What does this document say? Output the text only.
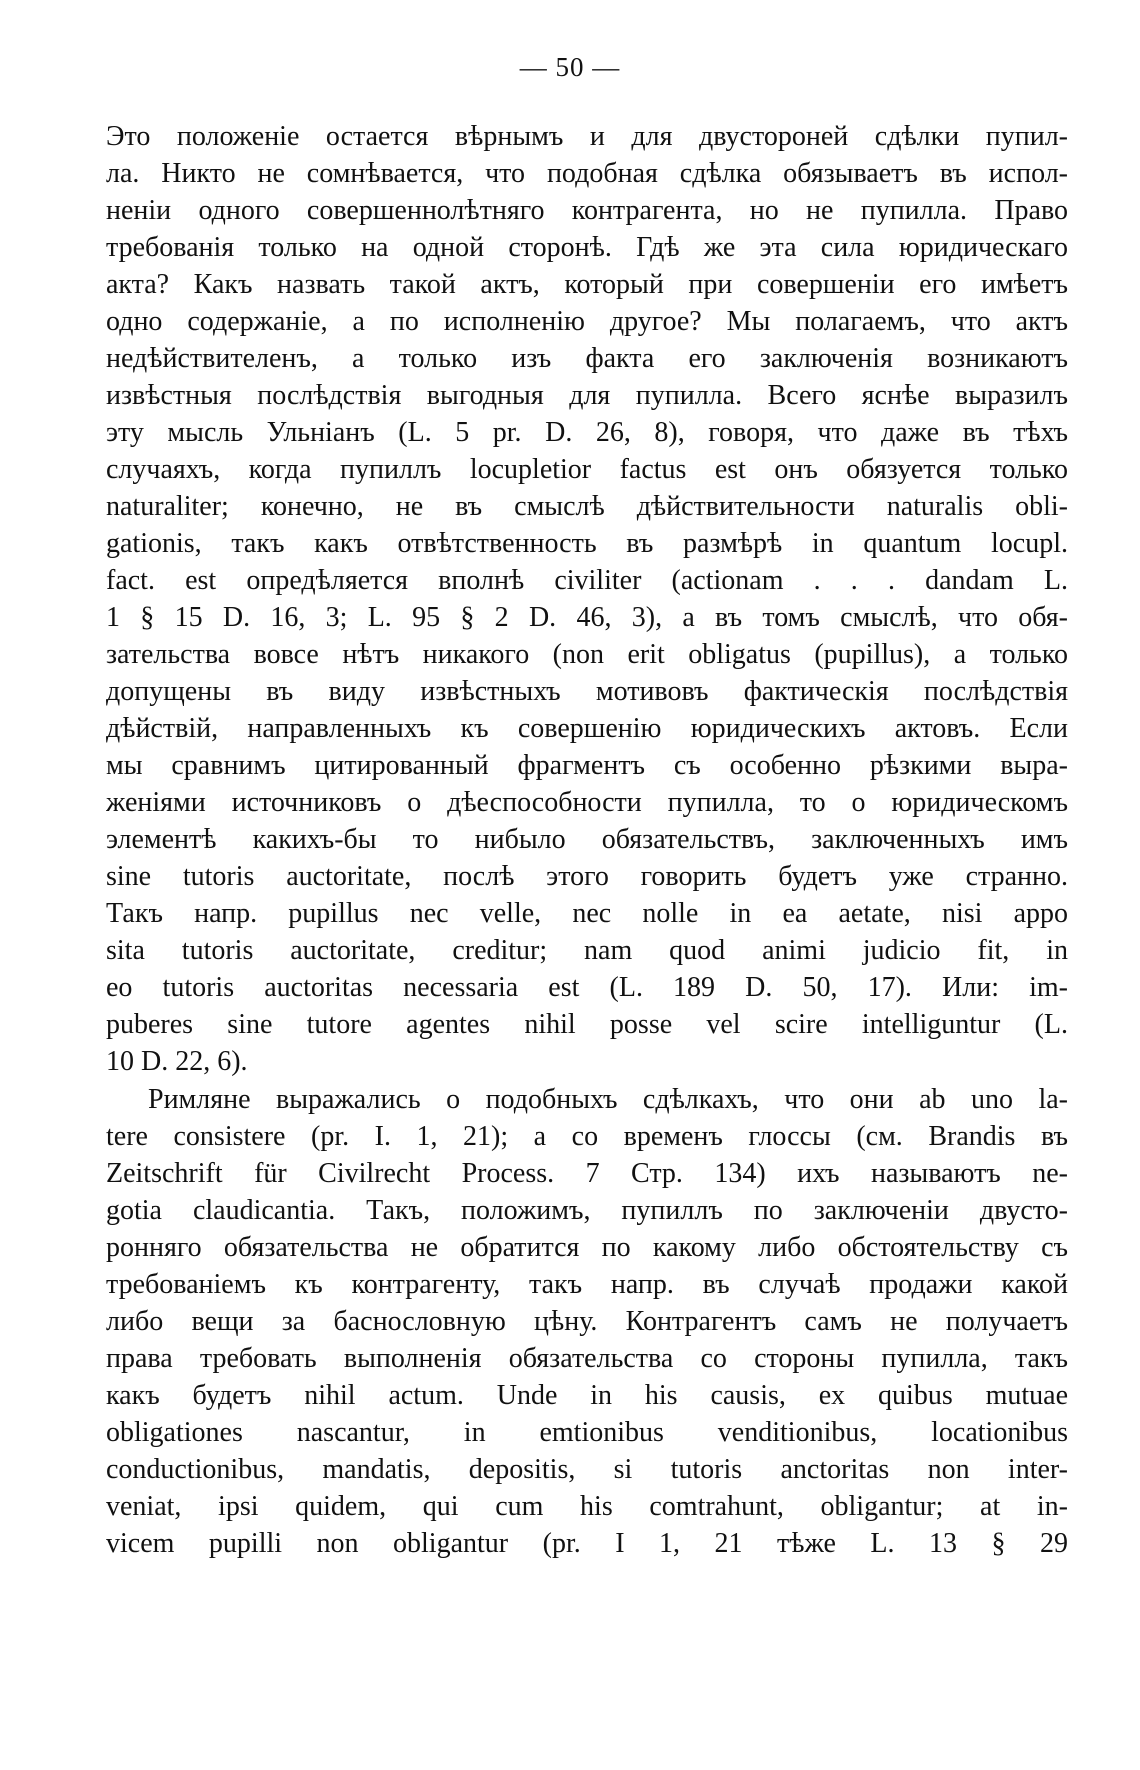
— 50 —
Это положеніе остается вѣрнымъ и для двустороней сдѣлки пупил-
ла. Никто не сомнѣвается, что подобная сдѣлка обязываетъ въ испол-
неніи одного совершеннолѣтняго контрагента, но не пупилла. Право
требованія только на одной сторонѣ. Гдѣ же эта сила юридическаго
акта? Какъ назвать такой актъ, который при совершеніи его имѣетъ
одно содержаніе, а по исполненію другое? Мы полагаемъ, что актъ
недѣйствителенъ, а только изъ факта его заключенія возникаютъ
извѣстныя послѣдствія выгодныя для пупилла. Всего яснѣе выразилъ
эту мысль Ульніанъ (L. 5 pr. D. 26, 8), говоря, что даже въ тѣхъ
случаяхъ, когда пупиллъ locupletior factus est онъ обязуется только
naturaliter; конечно, не въ смыслѣ дѣйствительности naturalis obli-
gationis, такъ какъ отвѣтственность въ размѣрѣ in quantum locupl.
fact. est опредѣляется вполнѣ civiliter (actionam . . . dandam L.
1 § 15 D. 16, 3; L. 95 § 2 D. 46, 3), а въ томъ смыслѣ, что обя-
зательства вовсе нѣтъ никакого (non erit obligatus (pupillus), а только
допущены въ виду извѣстныхъ мотивовъ фактическія послѣдствія
дѣйствій, направленныхъ къ совершенію юридическихъ актовъ. Если
мы сравнимъ цитированный фрагментъ съ особенно рѣзкими выра-
женіями источниковъ о дѣеспособности пупилла, то о юридическомъ
элементѣ какихъ-бы то нибыло обязательствъ, заключенныхъ имъ
sine tutoris auctoritate, послѣ этого говорить будетъ уже странно.
Такъ напр. pupillus nec velle, nec nolle in ea aetate, nisi appo
sita tutoris auctoritate, creditur; nam quod animi judicio fit, in
eo tutoris auctoritas necessaria est (L. 189 D. 50, 17). Или: im-
puberes sine tutore agentes nihil posse vel scire intelliguntur (L.
10 D. 22, 6).
Римляне выражались о подобныхъ сдѣлкахъ, что они ab uno la-
tere consistere (pr. I. 1, 21); а со временъ глоссы (см. Brandis въ
Zeitschrift für Civilrecht Process. 7 Стр. 134) ихъ называютъ ne-
gotia claudicantia. Такъ, положимъ, пупиллъ по заключеніи двусто-
ронняго обязательства не обратится по какому либо обстоятельству съ
требованіемъ къ контрагенту, такъ напр. въ случаѣ продажи какой
либо вещи за баснословную цѣну. Контрагентъ самъ не получаетъ
права требовать выполненія обязательства со стороны пупилла, такъ
какъ будетъ nihil actum. Unde in his causis, ex quibus mutuae
obligationes nascantur, in emtionibus venditionibus, locationibus
conductionibus, mandatis, depositis, si tutoris anctoritas non inter-
veniat, ipsi quidem, qui cum his comtrahunt, obligantur; at in-
vicem pupilli non obligantur (pr. I 1, 21 тѣже L. 13 § 29
